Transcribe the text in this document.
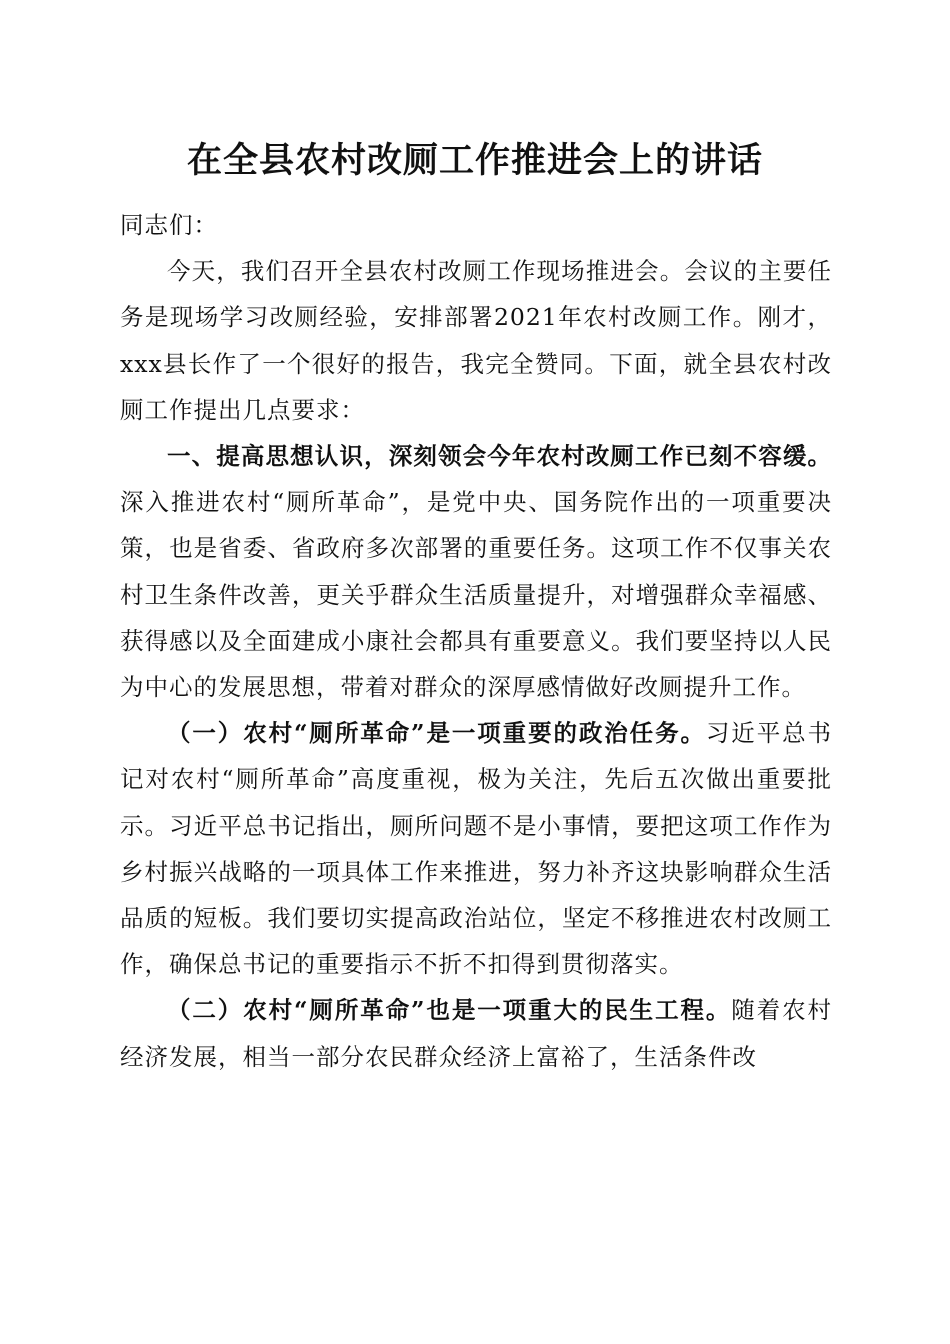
在全县农村改厕工作推进会上的讲话

同志们：

今天，我们召开全县农村改厕工作现场推进会。会议的主要任务是现场学习改厕经验，安排部署2021年农村改厕工作。刚才，xxx县长作了一个很好的报告，我完全赞同。下面，就全县农村改厕工作提出几点要求：

一、提高思想认识，深刻领会今年农村改厕工作已刻不容缓。深入推进农村“厕所革命”，是党中央、国务院作出的一项重要决策，也是省委、省政府多次部署的重要任务。这项工作不仅事关农村卫生条件改善，更关乎群众生活质量提升，对增强群众幸福感、获得感以及全面建成小康社会都具有重要意义。我们要坚持以人民为中心的发展思想，带着对群众的深厚感情做好改厕提升工作。

（一）农村“厕所革命”是一项重要的政治任务。习近平总书记对农村“厕所革命”高度重视，极为关注，先后五次做出重要批示。习近平总书记指出，厕所问题不是小事情，要把这项工作作为乡村振兴战略的一项具体工作来推进，努力补齐这块影响群众生活品质的短板。我们要切实提高政治站位，坚定不移推进农村改厕工作，确保总书记的重要指示不折不扣得到贯彻落实。

（二）农村“厕所革命”也是一项重大的民生工程。随着农村经济发展，相当一部分农民群众经济上富裕了，生活条件改
